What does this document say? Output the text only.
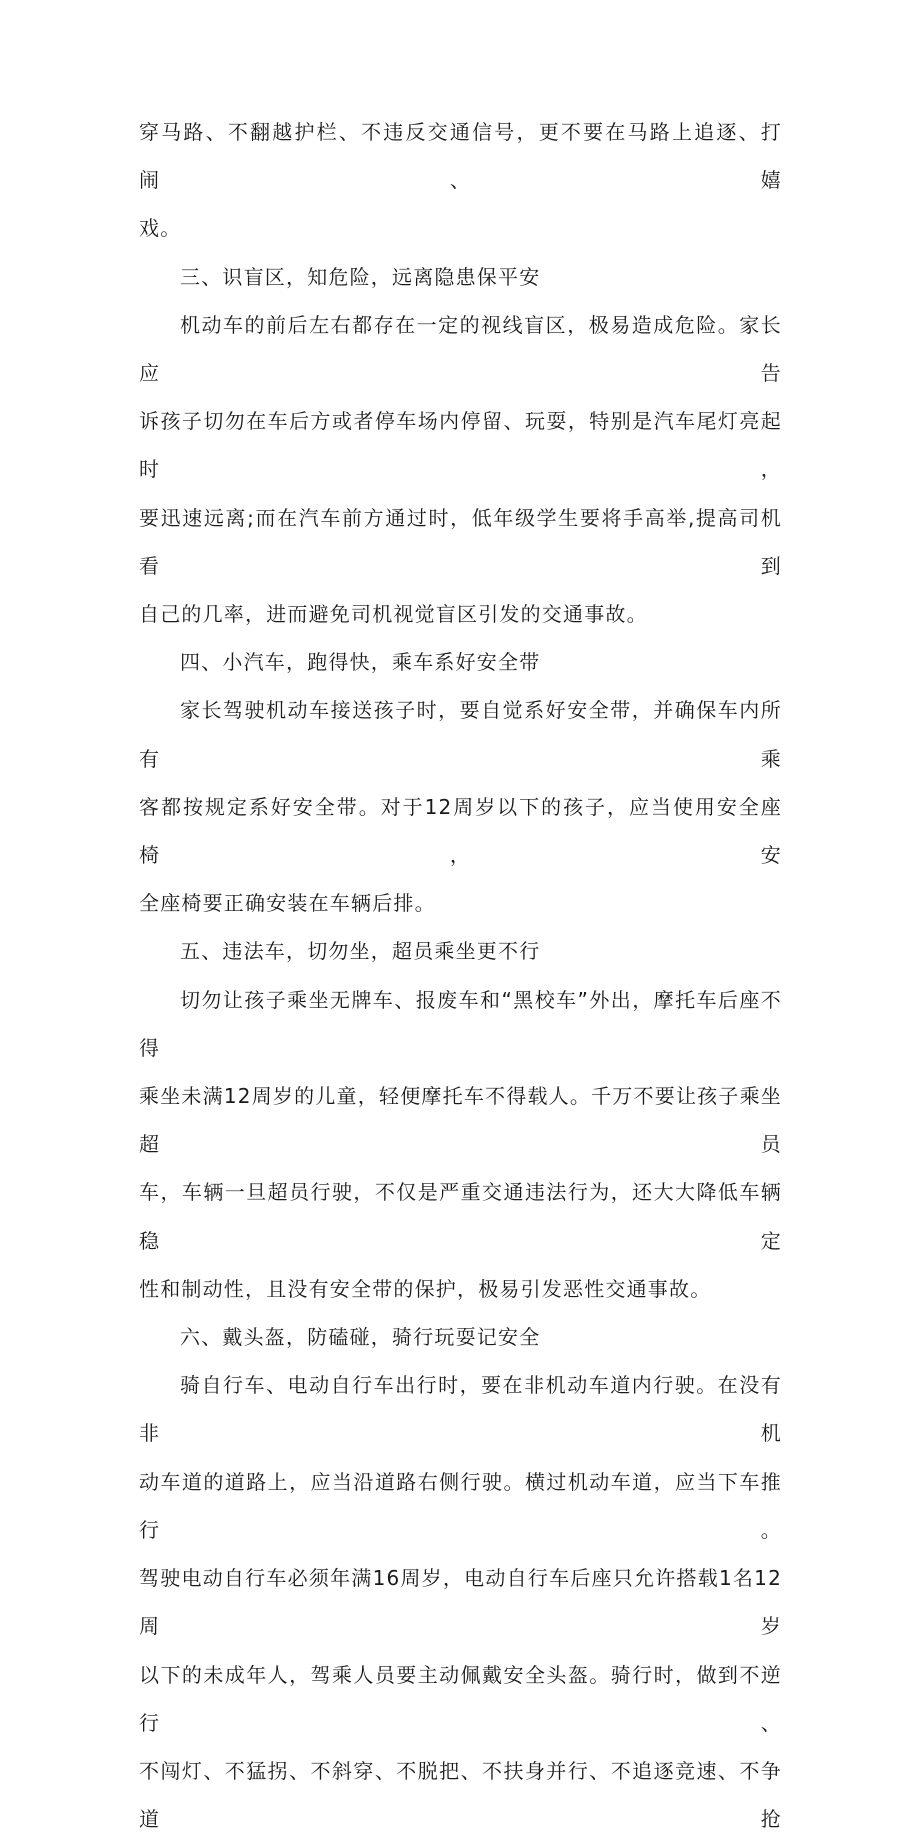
穿马路、不翻越护栏、不违反交通信号，更不要在马路上追逐、打闹、嬉
戏。
三、识盲区，知危险，远离隐患保平安
机动车的前后左右都存在一定的视线盲区，极易造成危险。家长应告
诉孩子切勿在车后方或者停车场内停留、玩耍，特别是汽车尾灯亮起时，
要迅速远离;而在汽车前方通过时，低年级学生要将手高举,提高司机看到
自己的几率，进而避免司机视觉盲区引发的交通事故。
四、小汽车，跑得快，乘车系好安全带
家长驾驶机动车接送孩子时，要自觉系好安全带，并确保车内所有乘
客都按规定系好安全带。对于12周岁以下的孩子，应当使用安全座椅，安
全座椅要正确安装在车辆后排。
五、违法车，切勿坐，超员乘坐更不行
切勿让孩子乘坐无牌车、报废车和“黑校车”外出，摩托车后座不得
乘坐未满12周岁的儿童，轻便摩托车不得载人。千万不要让孩子乘坐超员
车，车辆一旦超员行驶，不仅是严重交通违法行为，还大大降低车辆稳定
性和制动性，且没有安全带的保护，极易引发恶性交通事故。
六、戴头盔，防磕碰，骑行玩耍记安全
骑自行车、电动自行车出行时，要在非机动车道内行驶。在没有非机
动车道的道路上，应当沿道路右侧行驶。横过机动车道，应当下车推行。
驾驶电动自行车必须年满16周岁，电动自行车后座只允许搭载1名12周岁
以下的未成年人，驾乘人员要主动佩戴安全头盔。骑行时，做到不逆行、
不闯灯、不猛拐、不斜穿、不脱把、不扶身并行、不追逐竞速、不争道抢
